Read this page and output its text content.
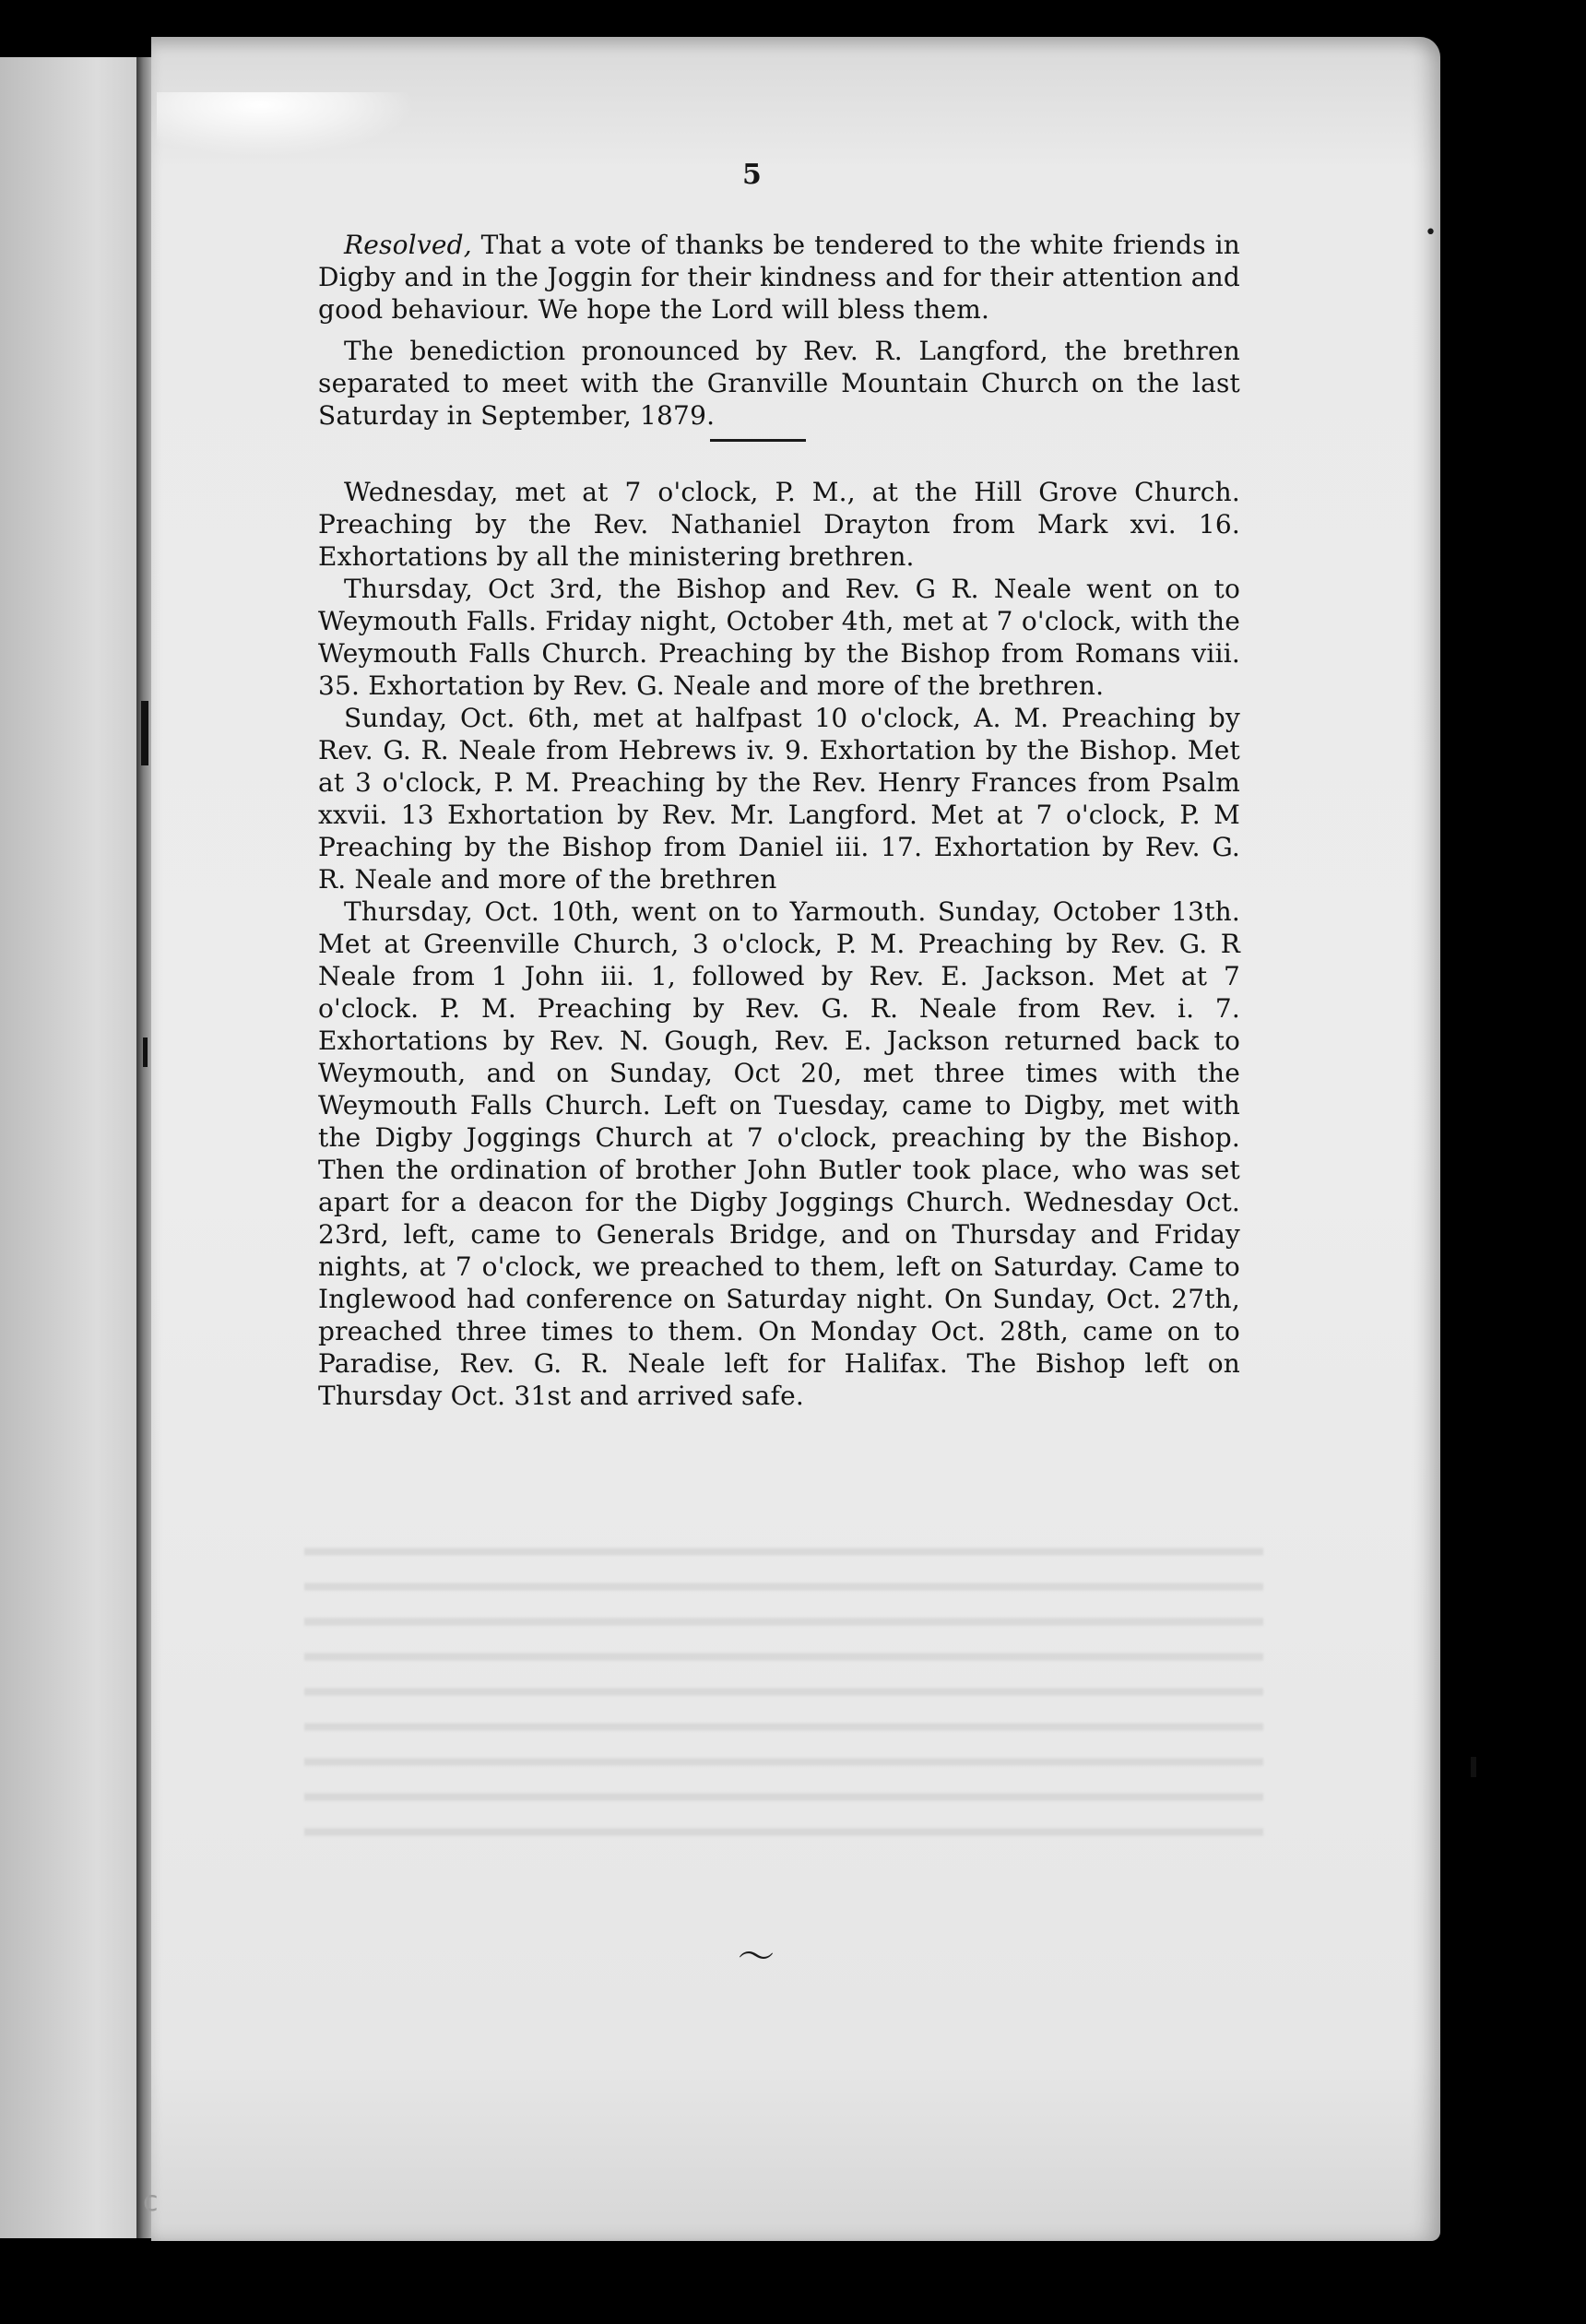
5

Resolved, That a vote of thanks be tendered to the white friends in Digby and in the Joggin for their kindness and for their attention and good behaviour. We hope the Lord will bless them.

The benediction pronounced by Rev. R. Langford, the brethren separated to meet with the Granville Mountain Church on the last Saturday in September, 1879.

Wednesday, met at 7 o'clock, P. M., at the Hill Grove Church. Preaching by the Rev. Nathaniel Drayton from Mark xvi. 16. Exhortations by all the ministering brethren.

Thursday, Oct 3rd, the Bishop and Rev. G R. Neale went on to Weymouth Falls. Friday night, October 4th, met at 7 o'clock, with the Weymouth Falls Church. Preaching by the Bishop from Romans viii. 35. Exhortation by Rev. G. Neale and more of the brethren.

Sunday, Oct. 6th, met at halfpast 10 o'clock, A. M. Preaching by Rev. G. R. Neale from Hebrews iv. 9. Exhortation by the Bishop. Met at 3 o'clock, P. M. Preaching by the Rev. Henry Frances from Psalm xxvii. 13 Exhortation by Rev. Mr. Langford. Met at 7 o'clock, P. M Preaching by the Bishop from Daniel iii. 17. Exhortation by Rev. G. R. Neale and more of the brethren

Thursday, Oct. 10th, went on to Yarmouth. Sunday, October 13th. Met at Greenville Church, 3 o'clock, P. M. Preaching by Rev. G. R Neale from 1 John iii. 1, followed by Rev. E. Jackson. Met at 7 o'clock. P. M. Preaching by Rev. G. R. Neale from Rev. i. 7. Exhortations by Rev. N. Gough, Rev. E. Jackson returned back to Weymouth, and on Sunday, Oct 20, met three times with the Weymouth Falls Church. Left on Tuesday, came to Digby, met with the Digby Joggings Church at 7 o'clock, preaching by the Bishop. Then the ordination of brother John Butler took place, who was set apart for a deacon for the Digby Joggings Church. Wednesday Oct. 23rd, left, came to Generals Bridge, and on Thursday and Friday nights, at 7 o'clock, we preached to them, left on Saturday. Came to Inglewood had conference on Saturday night. On Sunday, Oct. 27th, preached three times to them. On Monday Oct. 28th, came on to Paradise, Rev. G. R. Neale left for Halifax. The Bishop left on Thursday Oct. 31st and arrived safe.

〜
•
c
